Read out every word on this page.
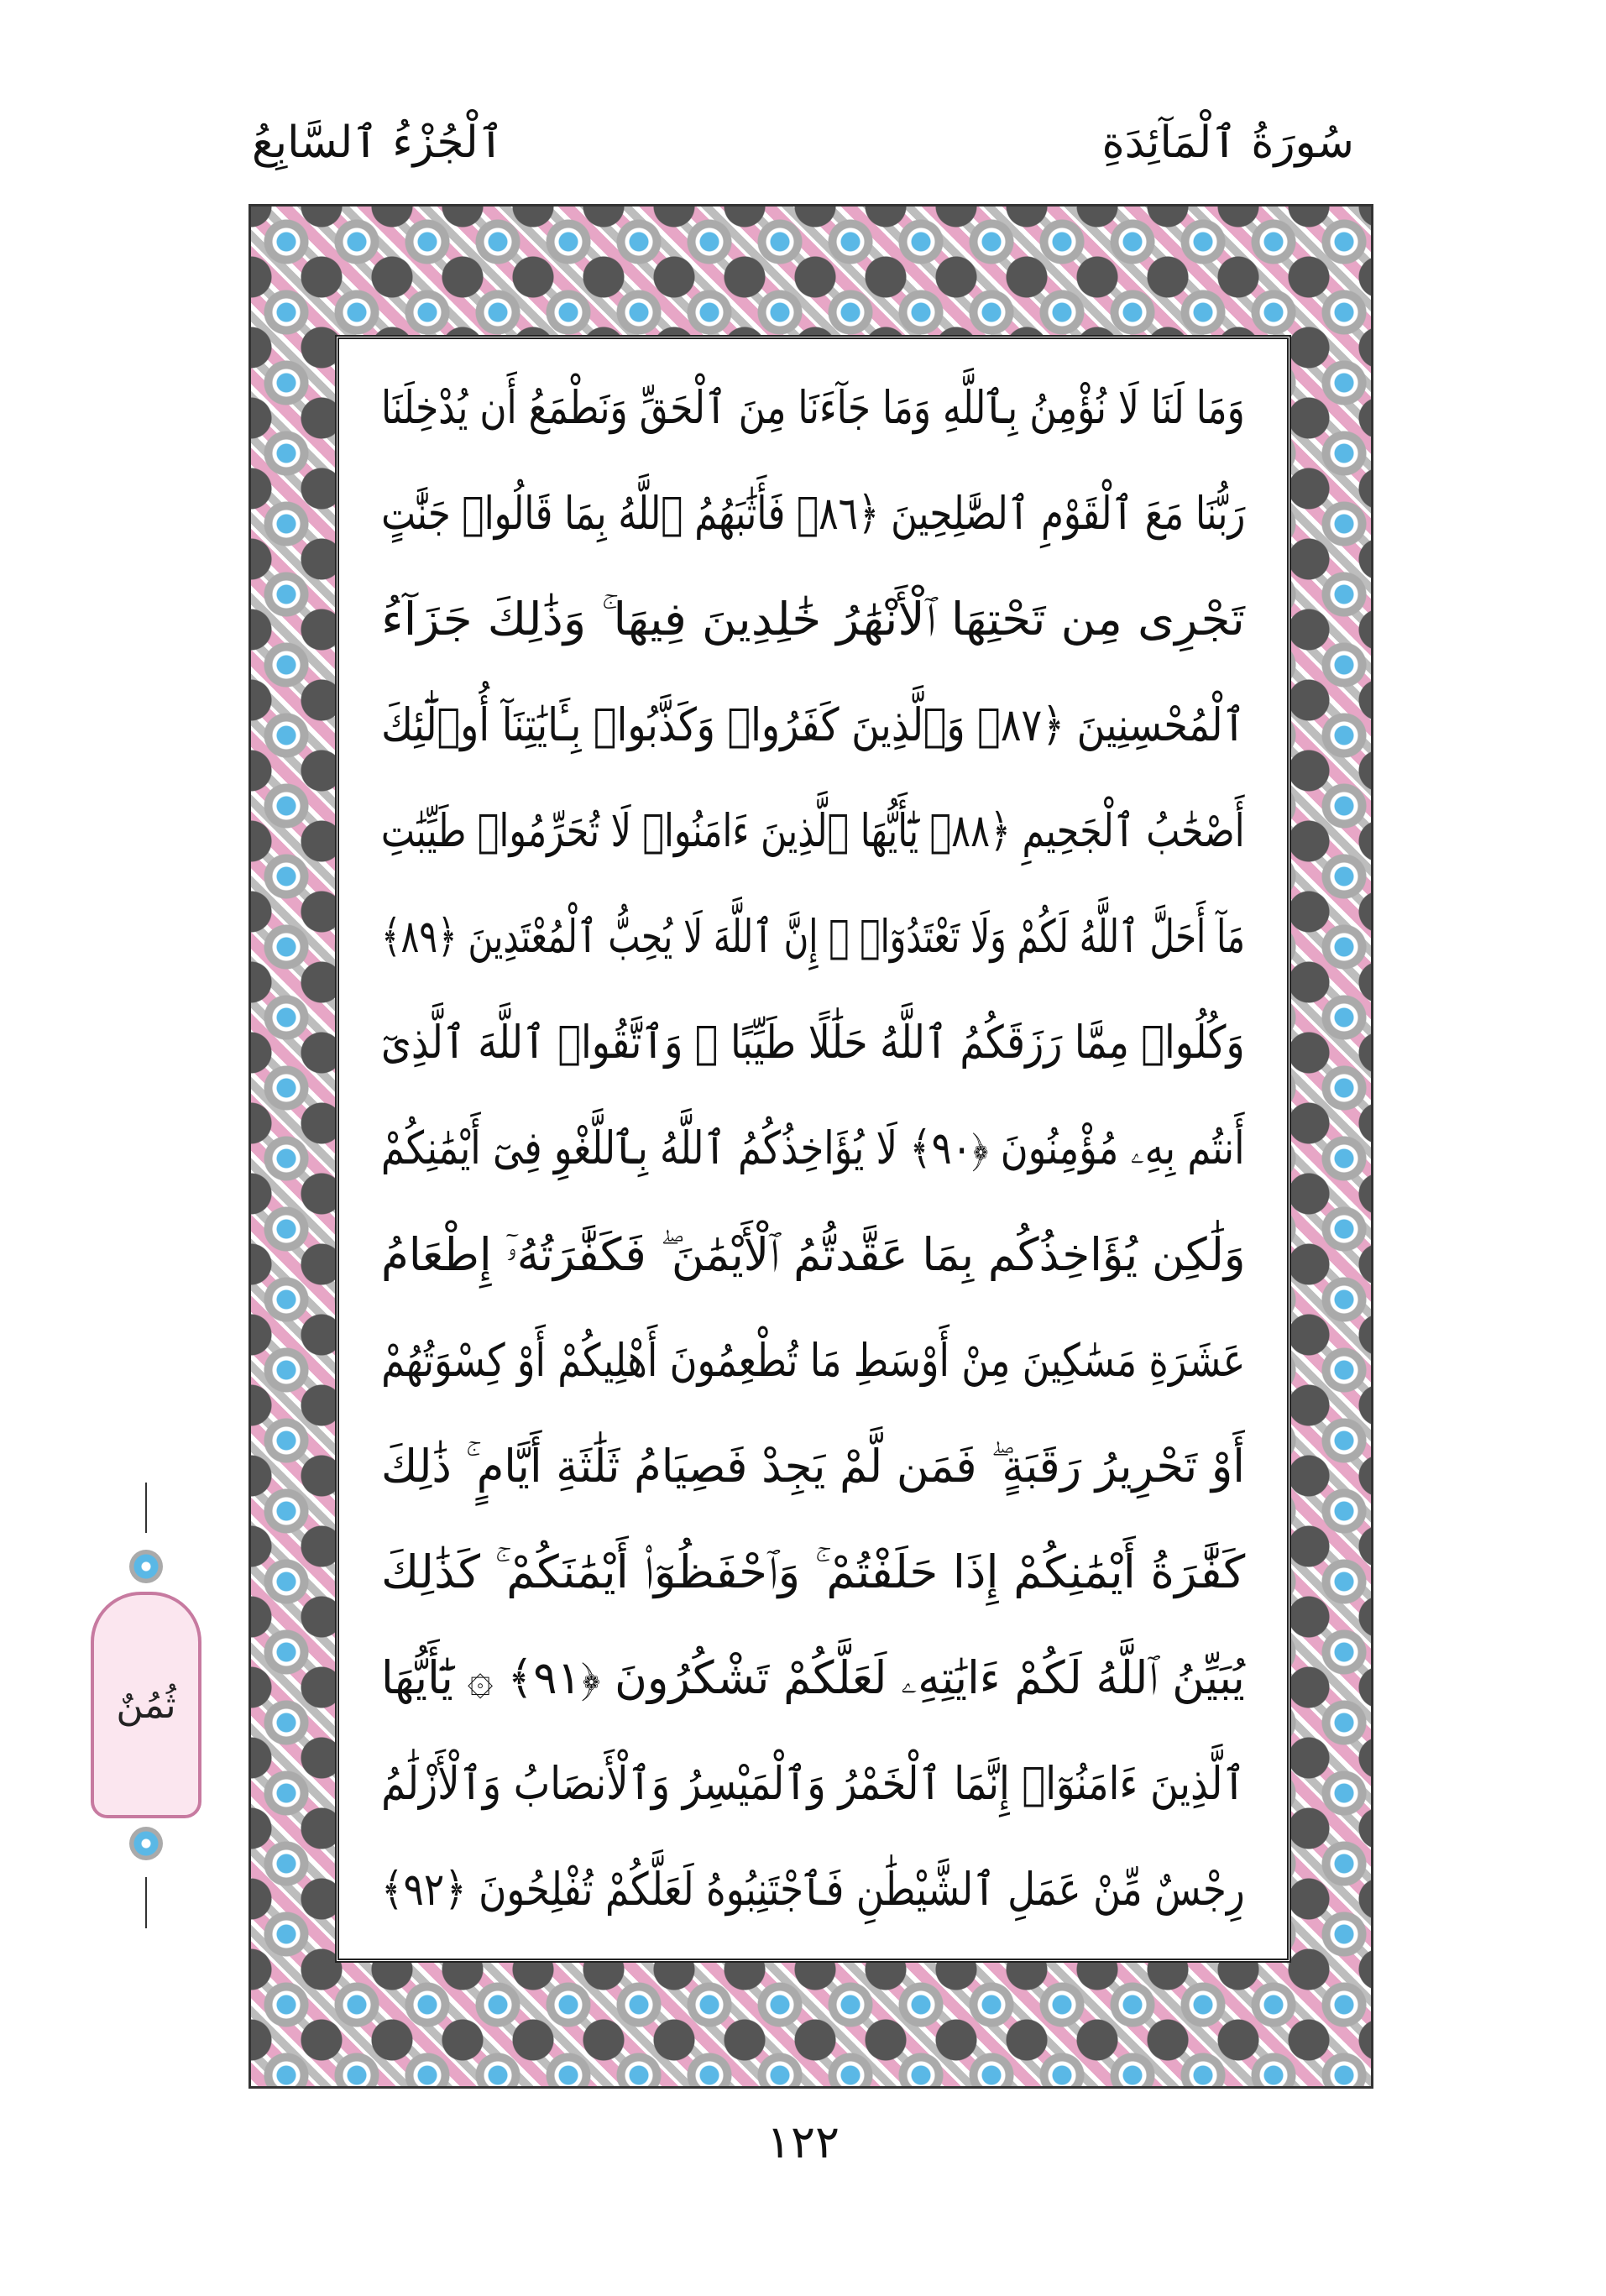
سُورَةُ ٱلْمَآئِدَةِ
ٱلْجُزْءُ ٱلسَّابِعُ
وَمَا لَنَا لَا نُؤْمِنُ بِٱللَّهِ وَمَا جَآءَنَا مِنَ ٱلْحَقِّ وَنَطْمَعُ أَن يُدْخِلَنَا
رَبُّنَا مَعَ ٱلْقَوْمِ ٱلصَّٰلِحِينَ ﴿٨٦﴾ فَأَثَٰبَهُمُ ٱللَّهُ بِمَا قَالُوا۟ جَنَّٰتٍ
تَجْرِى مِن تَحْتِهَا ٱلْأَنْهَٰرُ خَٰلِدِينَ فِيهَا ۚ وَذَٰلِكَ جَزَآءُ
ٱلْمُحْسِنِينَ ﴿٨٧﴾ وَٱلَّذِينَ كَفَرُوا۟ وَكَذَّبُوا۟ بِـَٔايَٰتِنَآ أُو۟لَٰٓئِكَ
أَصْحَٰبُ ٱلْجَحِيمِ ﴿٨٨﴾ يَٰٓأَيُّهَا ٱلَّذِينَ ءَامَنُوا۟ لَا تُحَرِّمُوا۟ طَيِّبَٰتِ
مَآ أَحَلَّ ٱللَّهُ لَكُمْ وَلَا تَعْتَدُوٓا۟ ۚ إِنَّ ٱللَّهَ لَا يُحِبُّ ٱلْمُعْتَدِينَ ﴿٨٩﴾
وَكُلُوا۟ مِمَّا رَزَقَكُمُ ٱللَّهُ حَلَٰلًا طَيِّبًا ۚ وَٱتَّقُوا۟ ٱللَّهَ ٱلَّذِىٓ
أَنتُم بِهِۦ مُؤْمِنُونَ ﴿٩٠﴾ لَا يُؤَاخِذُكُمُ ٱللَّهُ بِٱللَّغْوِ فِىٓ أَيْمَٰنِكُمْ
وَلَٰكِن يُؤَاخِذُكُم بِمَا عَقَّدتُّمُ ٱلْأَيْمَٰنَ ۖ فَكَفَّٰرَتُهُۥٓ إِطْعَامُ
عَشَرَةِ مَسَٰكِينَ مِنْ أَوْسَطِ مَا تُطْعِمُونَ أَهْلِيكُمْ أَوْ كِسْوَتُهُمْ
أَوْ تَحْرِيرُ رَقَبَةٍ ۖ فَمَن لَّمْ يَجِدْ فَصِيَامُ ثَلَٰثَةِ أَيَّامٍ ۚ ذَٰلِكَ
كَفَّٰرَةُ أَيْمَٰنِكُمْ إِذَا حَلَفْتُمْ ۚ وَٱحْفَظُوٓا۟ أَيْمَٰنَكُمْ ۚ كَذَٰلِكَ
يُبَيِّنُ ٱللَّهُ لَكُمْ ءَايَٰتِهِۦ لَعَلَّكُمْ تَشْكُرُونَ ﴿٩١﴾ ۞ يَٰٓأَيُّهَا
ٱلَّذِينَ ءَامَنُوٓا۟ إِنَّمَا ٱلْخَمْرُ وَٱلْمَيْسِرُ وَٱلْأَنصَابُ وَٱلْأَزْلَٰمُ
رِجْسٌ مِّنْ عَمَلِ ٱلشَّيْطَٰنِ فَٱجْتَنِبُوهُ لَعَلَّكُمْ تُفْلِحُونَ ﴿٩٢﴾
ثُمُنٌ
١٢٢
